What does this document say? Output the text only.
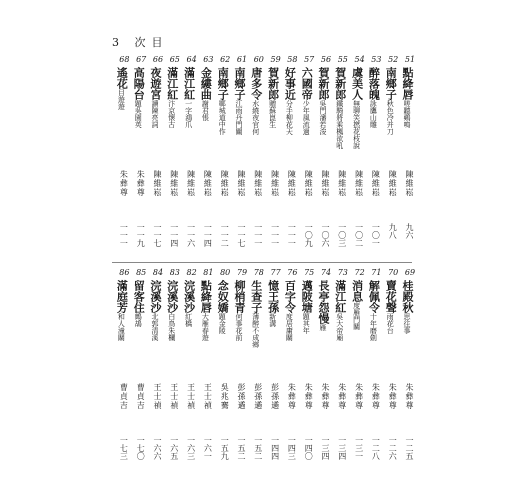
3 次目
51
點絳唇嗟聽鷄鳴
陳維崧
九六
52
南鄉子秋色冷并刀
陳維崧
九八
53
醉落魄詠鷹山雕
陳維崧
一〇一
54
虞美人無聊笑撚花枝說
陳維崧
一〇二
55
賀新郎鐵騎將乘楓欲吼
陳維崧
一〇三
56
賀新郎吳門瀋若浚
陳維崧
一〇六
57
六國帝少年風流過
陳維崧
一〇九
58
好事近分手柳花天
陳維崧
一一一
59
賀新郎贈蘇崑生
陳維崧
一一一
60
唐多令水繞夜官何
陳維崧
一一一
61
南鄉子江雨丹門關
陳維崧
一一七
62
南鄉子鄆城道中作
陳維崧
一一二
63
金縷曲謝君悵
陳維崧
一一四
64
滿江紅一字鴻爪
陳維崧
一一六
65
滿江紅汴京懷古
陳維崧
一一四
66
夜遊宮讀陳亮詞
陳維崧
一一七
67
高陽台題吳園英
朱彝尊
一一九
68
遙花目遊遊
朱彝尊
一一一
69
桂殿秋思往事
朱彝尊
一二五
70
賣花聲雨花台
朱彝尊
一二六
71
解佩令十年磨劍
朱彝尊
一二八
72
消息度雁門關
朱彝尊
一三一
73
滿江紅吳大帝廟
朱彝尊
一三四
74
長亭怨慢雁
朱彝尊
一三四
75
邁陂塘題其年
朱彝尊
一四〇
76
百字令度居庸關
朱彝尊
一四三
77
憶王孫新溝
彭孫遹
一四四
78
生查子薄醉不成鄉
彭孫遹
一五二
79
柳梢青何事花前
彭孫遹
一五二
80
念奴嬌題金陵
吳兆騫
一五九
81
點絳唇大雁春遊
王士禎
一六一
82
浣溪沙紅橋
王士禎
一六三
83
浣溪沙白鳥朱欄
王士禎
一六五
84
浣溪沙北郭清溪
王士禎
一六六
85
留客住鷓鴣
曹貞吉
一七〇
86
滿庭芳和人潼關
曹貞吉
一七三
